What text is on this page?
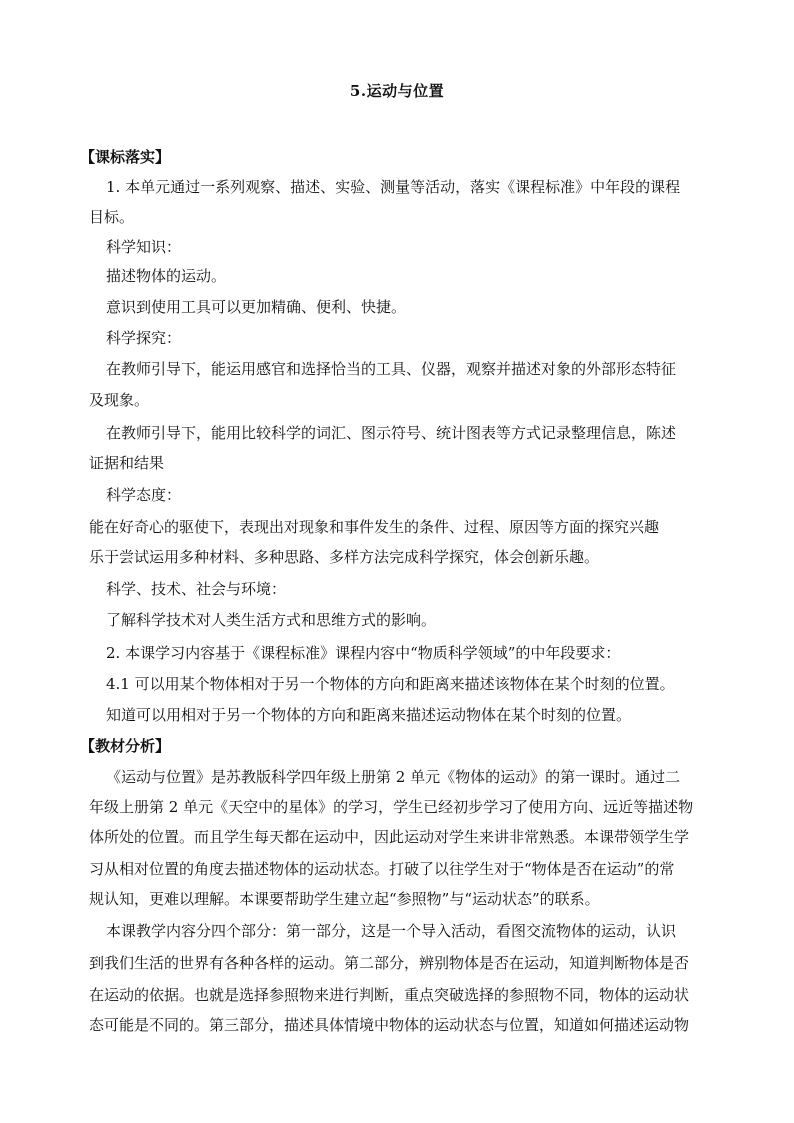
5.运动与位置
【课标落实】
1. 本单元通过一系列观察、描述、实验、测量等活动，落实《课程标准》中年段的课程
目标。
科学知识：
描述物体的运动。
意识到使用工具可以更加精确、便利、快捷。
科学探究：
在教师引导下，能运用感官和选择恰当的工具、仪器，观察并描述对象的外部形态特征
及现象。
在教师引导下，能用比较科学的词汇、图示符号、统计图表等方式记录整理信息，陈述
证据和结果
科学态度：
能在好奇心的驱使下，表现出对现象和事件发生的条件、过程、原因等方面的探究兴趣
乐于尝试运用多种材料、多种思路、多样方法完成科学探究，体会创新乐趣。
科学、技术、社会与环境：
了解科学技术对人类生活方式和思维方式的影响。
2. 本课学习内容基于《课程标准》课程内容中“物质科学领域”的中年段要求：
4.1 可以用某个物体相对于另一个物体的方向和距离来描述该物体在某个时刻的位置。
知道可以用相对于另一个物体的方向和距离来描述运动物体在某个时刻的位置。
【教材分析】
《运动与位置》是苏教版科学四年级上册第 2 单元《物体的运动》的第一课时。通过二
年级上册第 2 单元《天空中的星体》的学习，学生已经初步学习了使用方向、远近等描述物
体所处的位置。而且学生每天都在运动中，因此运动对学生来讲非常熟悉。本课带领学生学
习从相对位置的角度去描述物体的运动状态。打破了以往学生对于“物体是否在运动”的常
规认知，更难以理解。本课要帮助学生建立起“参照物”与“运动状态”的联系。
本课教学内容分四个部分：第一部分，这是一个导入活动，看图交流物体的运动，认识
到我们生活的世界有各种各样的运动。第二部分，辨别物体是否在运动，知道判断物体是否
在运动的依据。也就是选择参照物来进行判断，重点突破选择的参照物不同，物体的运动状
态可能是不同的。第三部分，描述具体情境中物体的运动状态与位置，知道如何描述运动物
